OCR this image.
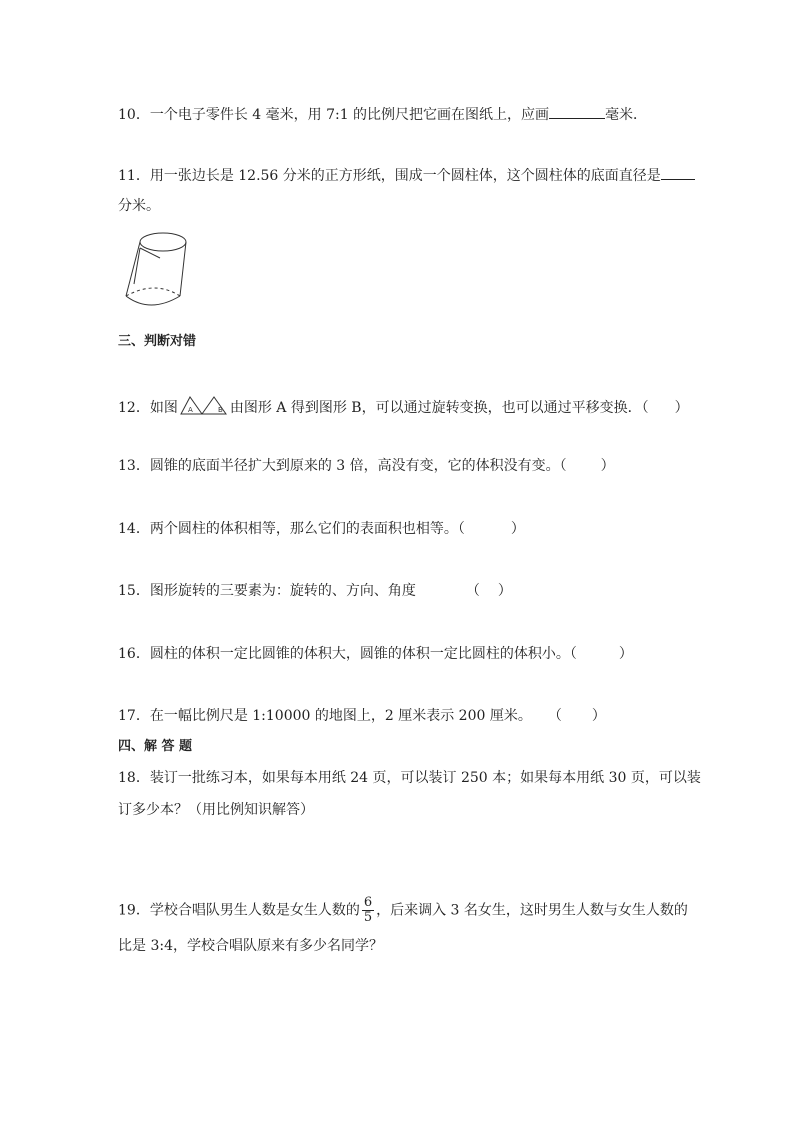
10．一个电子零件长 4 毫米，用 7:1 的比例尺把它画在图纸上，应画	毫米．
11．用一张边长是 12.56 分米的正方形纸，围成一个圆柱体，这个圆柱体的底面直径是
分米。
三、判断对错
12．如图 A	B 由图形 A 得到图形 B，可以通过旋转变换，也可以通过平移变换．（ ）
13．圆锥的底面半径扩大到原来的 3 倍，高没有变，它的体积没有变。（ ）
14．两个圆柱的体积相等，那么它们的表面积也相等。（	）
15．图形旋转的三要素为：旋转的、方向、角度	（ ）
16．圆柱的体积一定比圆锥的体积大，圆锥的体积一定比圆柱的体积小。（	）
17．在一幅比例尺是 1:10000 的地图上，2 厘米表示 200 厘米。 （ ）
四、解 答 题
18．装订一批练习本，如果每本用纸 24 页，可以装订 250 本；如果每本用纸 30 页，可以装
订多少本？（用比例知识解答）
19．学校合唱队男生人数是女生人数的 $\frac{6}{5}$ ，后来调入 3 名女生，这时男生人数与女生人数的
比是 3:4，学校合唱队原来有多少名同学？
